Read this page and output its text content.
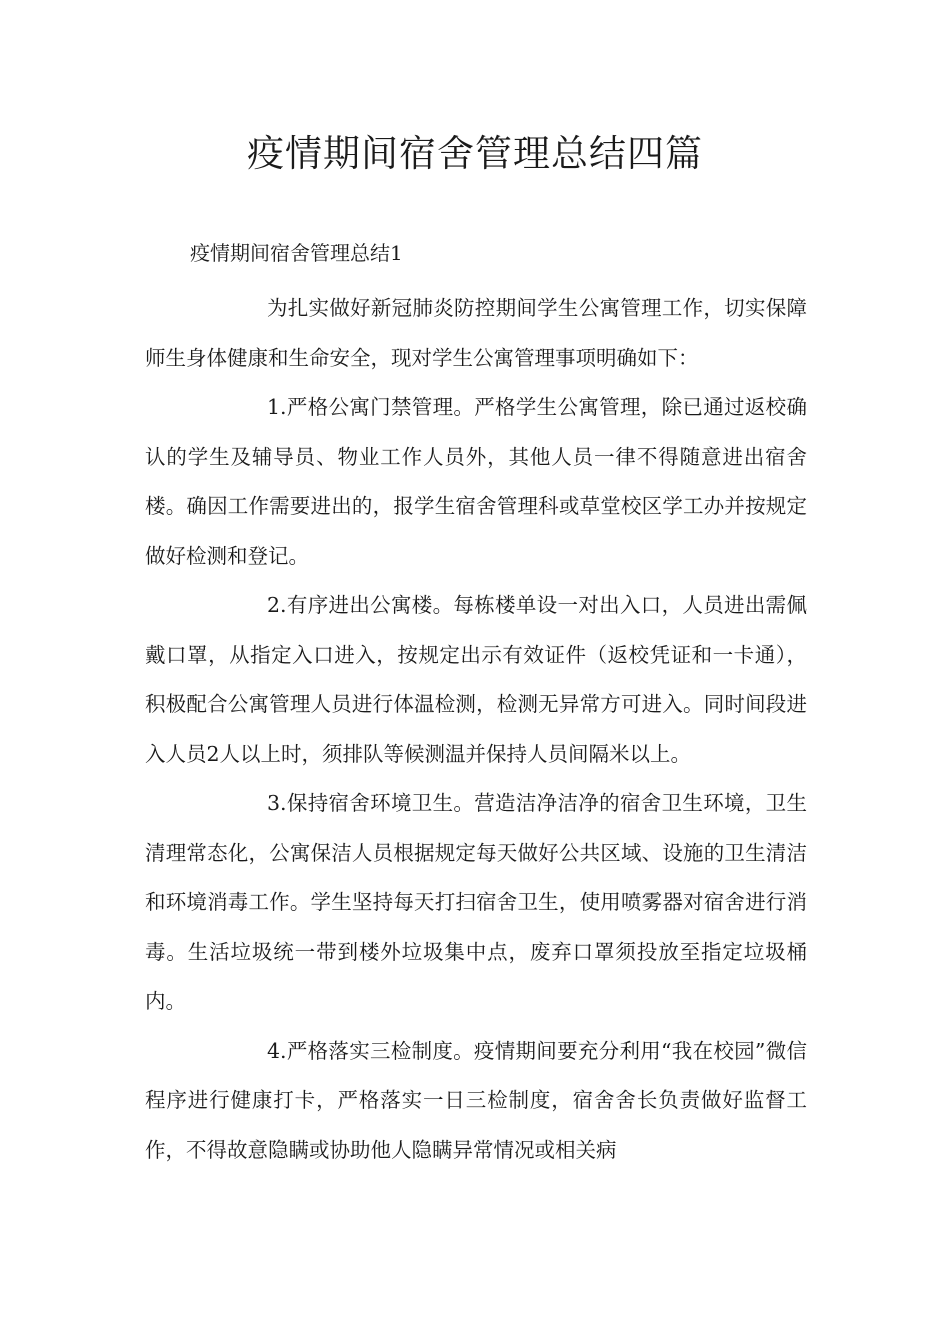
疫情期间宿舍管理总结四篇

疫情期间宿舍管理总结1

为扎实做好新冠肺炎防控期间学生公寓管理工作，切实保障师生身体健康和生命安全，现对学生公寓管理事项明确如下：

1.严格公寓门禁管理。严格学生公寓管理，除已通过返校确认的学生及辅导员、物业工作人员外，其他人员一律不得随意进出宿舍楼。确因工作需要进出的，报学生宿舍管理科或草堂校区学工办并按规定做好检测和登记。

2.有序进出公寓楼。每栋楼单设一对出入口，人员进出需佩戴口罩，从指定入口进入，按规定出示有效证件（返校凭证和一卡通），积极配合公寓管理人员进行体温检测，检测无异常方可进入。同时间段进入人员2人以上时，须排队等候测温并保持人员间隔米以上。

3.保持宿舍环境卫生。营造洁净洁净的宿舍卫生环境，卫生清理常态化，公寓保洁人员根据规定每天做好公共区域、设施的卫生清洁和环境消毒工作。学生坚持每天打扫宿舍卫生，使用喷雾器对宿舍进行消毒。生活垃圾统一带到楼外垃圾集中点，废弃口罩须投放至指定垃圾桶内。

4.严格落实三检制度。疫情期间要充分利用“我在校园”微信程序进行健康打卡，严格落实一日三检制度，宿舍舍长负责做好监督工作，不得故意隐瞒或协助他人隐瞒异常情况或相关病
